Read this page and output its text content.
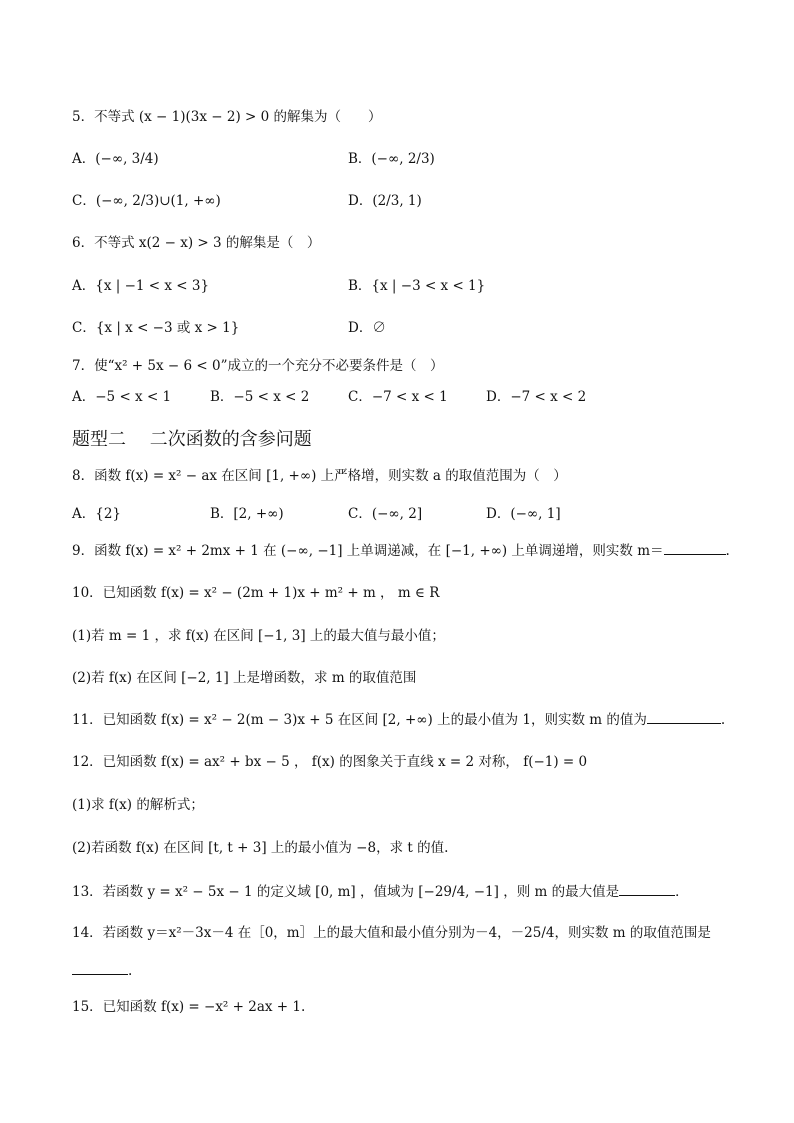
5．不等式 (x − 1)(3x − 2) > 0 的解集为（　　）
A．(−∞, 3/4)	B．(−∞, 2/3)
C．(−∞, 2/3)∪(1, +∞)	D．(2/3, 1)
6．不等式 x(2 − x) > 3 的解集是（　）
A．{x | −1 < x < 3}	B．{x | −3 < x < 1}
C．{x | x < −3 或 x > 1}	D．∅
7．使“x² + 5x − 6 < 0”成立的一个充分不必要条件是（　）
A．−5 < x < 1	B．−5 < x < 2	C．−7 < x < 1	D．−7 < x < 2
题型二　 二次函数的含参问题
8．函数 f(x) = x² − ax 在区间 [1, +∞) 上严格增，则实数 a 的取值范围为（　）
A．{2}	B．[2, +∞)	C．(−∞, 2]	D．(−∞, 1]
9．函数 f(x) = x² + 2mx + 1 在 (−∞, −1] 上单调递减，在 [−1, +∞) 上单调递增，则实数 m＝	.
10．已知函数 f(x) = x² − (2m + 1)x + m² + m ， m ∈ R
(1)若 m = 1 ，求 f(x) 在区间 [−1, 3] 上的最大值与最小值；
(2)若 f(x) 在区间 [−2, 1] 上是增函数，求 m 的取值范围
11．已知函数 f(x) = x² − 2(m − 3)x + 5 在区间 [2, +∞) 上的最小值为 1，则实数 m 的值为	.
12．已知函数 f(x) = ax² + bx − 5 ， f(x) 的图象关于直线 x = 2 对称， f(−1) = 0
(1)求 f(x) 的解析式；
(2)若函数 f(x) 在区间 [t, t + 3] 上的最小值为 −8，求 t 的值.
13．若函数 y = x² − 5x − 1 的定义域 [0, m] ，值域为 [−29/4, −1] ，则 m 的最大值是	．
14．若函数 y＝x²－3x－4 在［0，m］上的最大值和最小值分别为－4，－25/4，则实数 m 的取值范围是
.
15．已知函数 f(x) = −x² + 2ax + 1.
